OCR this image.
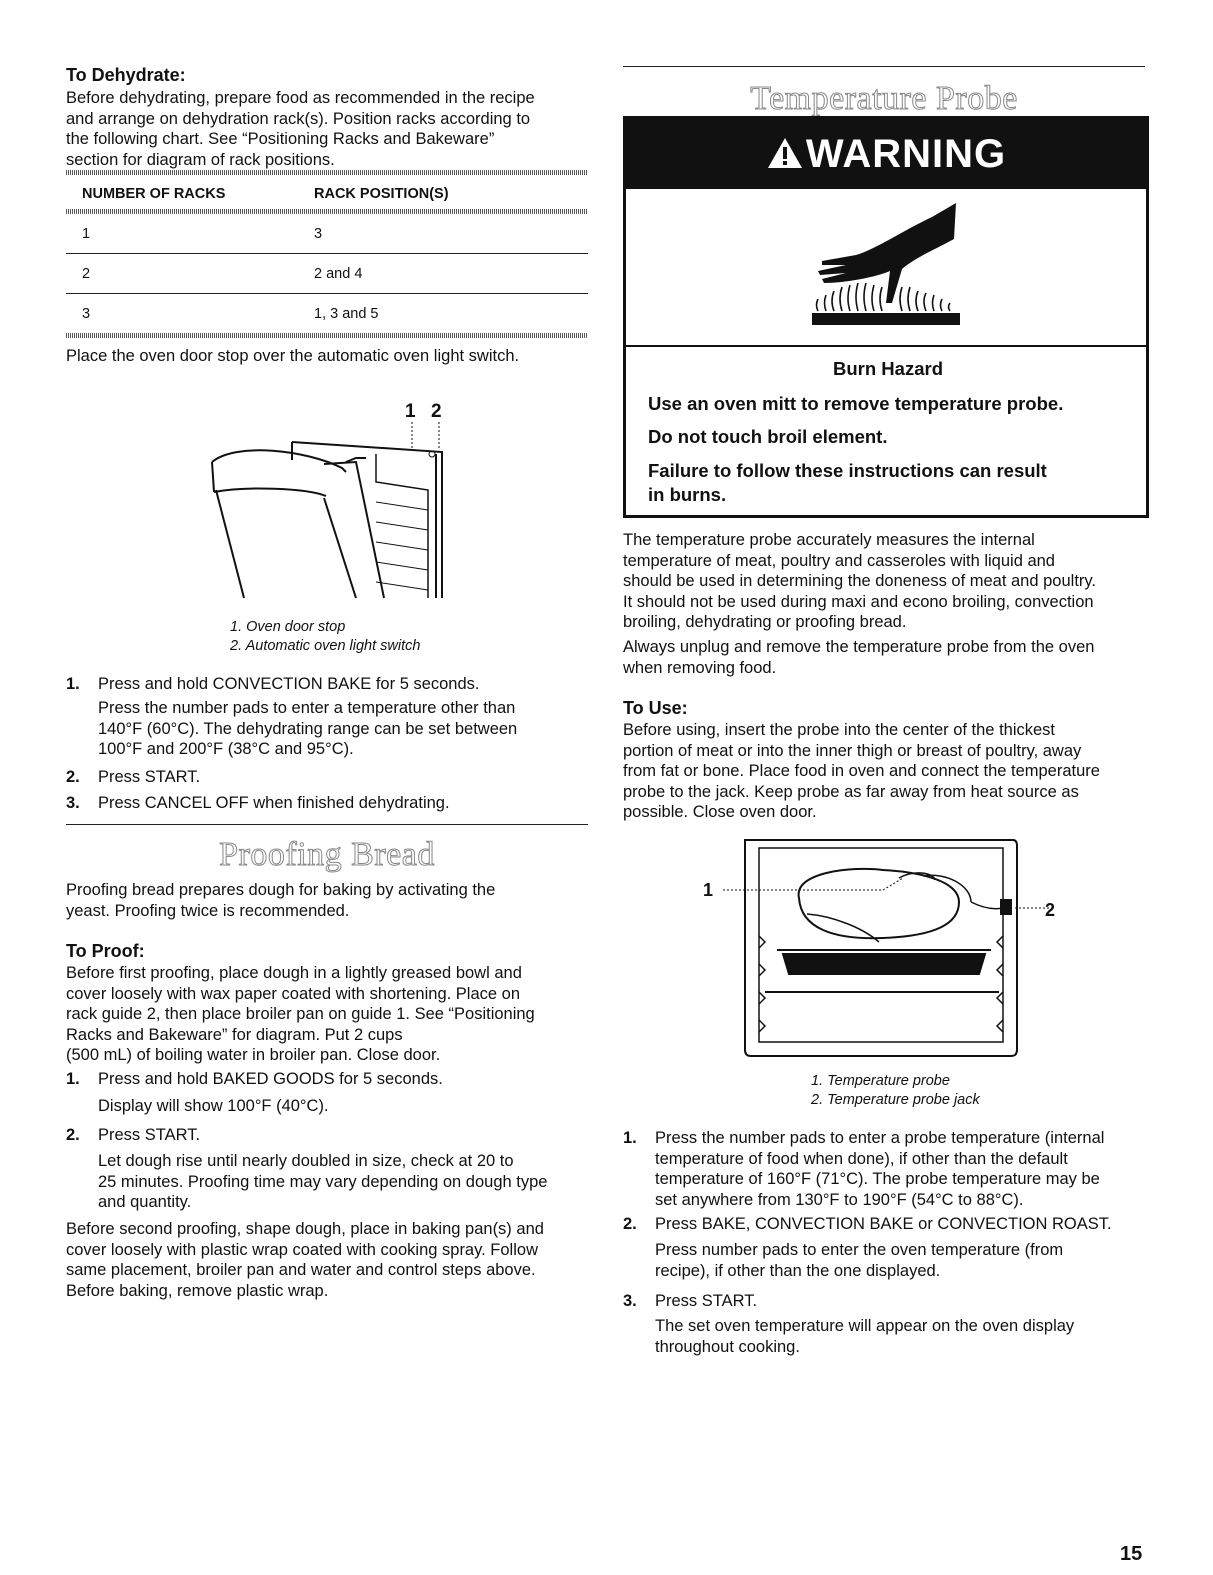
To Dehydrate:

Before dehydrating, prepare food as recommended in the recipe

and arrange on dehydration rack(s). Position racks according to

the following chart. See “Positioning Racks and Bakeware”

section for diagram of rack positions.

NUMBER OF RACKS	RACK POSITION(S)
1	3
2	2 and 4
3	1, 3 and 5

Place the oven door stop over the automatic oven light switch.

1 2
1. Oven door stop
2. Automatic oven light switch
1. Press and hold CONVECTION BAKE for 5 seconds.

Press the number pads to enter a temperature other than

140°F (60°C). The dehydrating range can be set between

100°F and 200°F (38°C and 95°C).

2. Press START.
3. Press CANCEL OFF when finished dehydrating.
Proofing Bread

Proofing bread prepares dough for baking by activating the

yeast. Proofing twice is recommended.

To Proof:

Before first proofing, place dough in a lightly greased bowl and

cover loosely with wax paper coated with shortening. Place on

rack guide 2, then place broiler pan on guide 1. See “Positioning

Racks and Bakeware” for diagram. Put 2 cups

(500 mL) of boiling water in broiler pan. Close door.

1. Press and hold BAKED GOODS for 5 seconds.

Display will show 100°F (40°C).

2. Press START.

Let dough rise until nearly doubled in size, check at 20 to

25 minutes. Proofing time may vary depending on dough type

and quantity.

Before second proofing, shape dough, place in baking pan(s) and

cover loosely with plastic wrap coated with cooking spray. Follow

same placement, broiler pan and water and control steps above.

Before baking, remove plastic wrap.

Temperature Probe
WARNING
Burn Hazard
Use an oven mitt to remove temperature probe.
Do not touch broil element.
Failure to follow these instructions can result
in burns.

The temperature probe accurately measures the internal

temperature of meat, poultry and casseroles with liquid and

should be used in determining the doneness of meat and poultry.

It should not be used during maxi and econo broiling, convection

broiling, dehydrating or proofing bread.

Always unplug and remove the temperature probe from the oven

when removing food.

To Use:

Before using, insert the probe into the center of the thickest

portion of meat or into the inner thigh or breast of poultry, away

from fat or bone. Place food in oven and connect the temperature

probe to the jack. Keep probe as far away from heat source as

possible. Close oven door.

1
2
1. Temperature probe
2. Temperature probe jack
1. Press the number pads to enter a probe temperature (internal

temperature of food when done), if other than the default

temperature of 160°F (71°C). The probe temperature may be

set anywhere from 130°F to 190°F (54°C to 88°C).

2. Press BAKE, CONVECTION BAKE or CONVECTION ROAST.

Press number pads to enter the oven temperature (from

recipe), if other than the one displayed.

3. Press START.

The set oven temperature will appear on the oven display

throughout cooking.

15
